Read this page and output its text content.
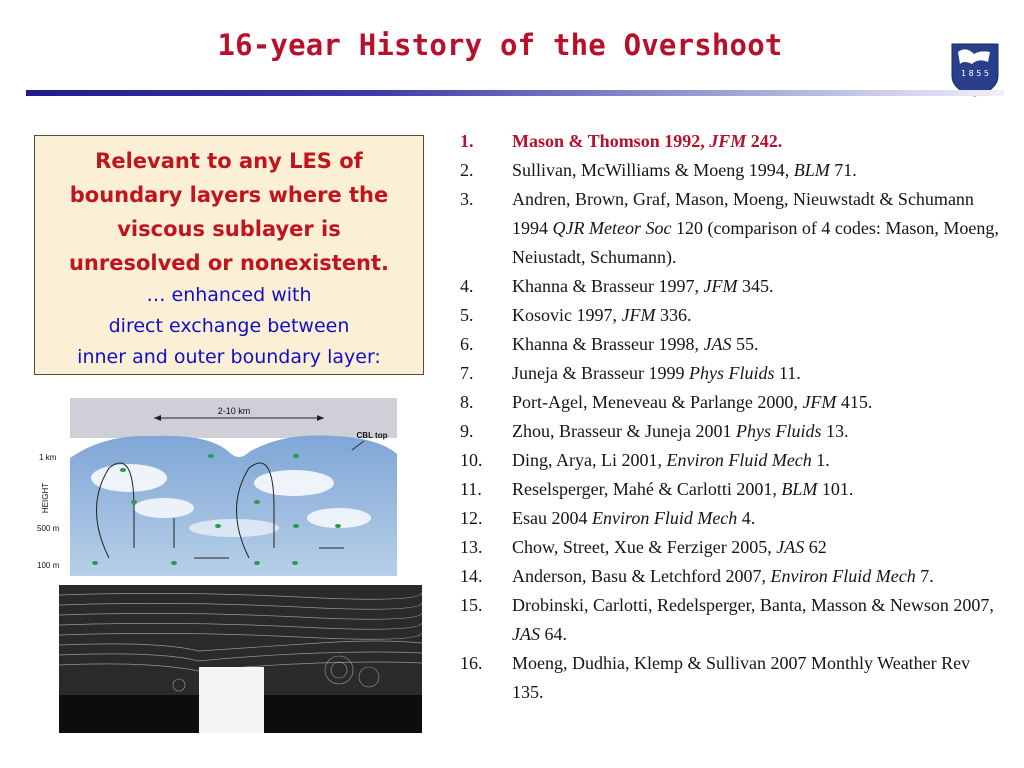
16-year History of the Overshoot
1 8 5 5
Relevant to any LES of
boundary layers where the
viscous sublayer is
unresolved or nonexistent.
… enhanced with
direct exchange between
inner and outer boundary layer:
2-10 km
CBL top
HEIGHT
1 km
500 m
100 m
1. Mason & Thomson 1992, JFM 242.
2. Sullivan, McWilliams & Moeng 1994, BLM 71.
3. Andren, Brown, Graf, Mason, Moeng, Nieuwstadt & Schumann 1994 QJR Meteor Soc 120 (comparison of 4 codes: Mason, Moeng, Neiustadt, Schumann).
4. Khanna & Brasseur 1997, JFM 345.
5. Kosovic 1997, JFM 336.
6. Khanna & Brasseur 1998, JAS 55.
7. Juneja & Brasseur 1999 Phys Fluids 11.
8. Port-Agel, Meneveau & Parlange 2000, JFM 415.
9. Zhou, Brasseur & Juneja 2001 Phys Fluids 13.
10. Ding, Arya, Li 2001, Environ Fluid Mech 1.
11. Reselsperger, Mahé & Carlotti 2001, BLM 101.
12. Esau 2004 Environ Fluid Mech 4.
13. Chow, Street, Xue & Ferziger 2005, JAS 62
14. Anderson, Basu & Letchford 2007, Environ Fluid Mech 7.
15. Drobinski, Carlotti, Redelsperger, Banta, Masson & Newson 2007, JAS 64.
16. Moeng, Dudhia, Klemp & Sullivan 2007 Monthly Weather Rev 135.
